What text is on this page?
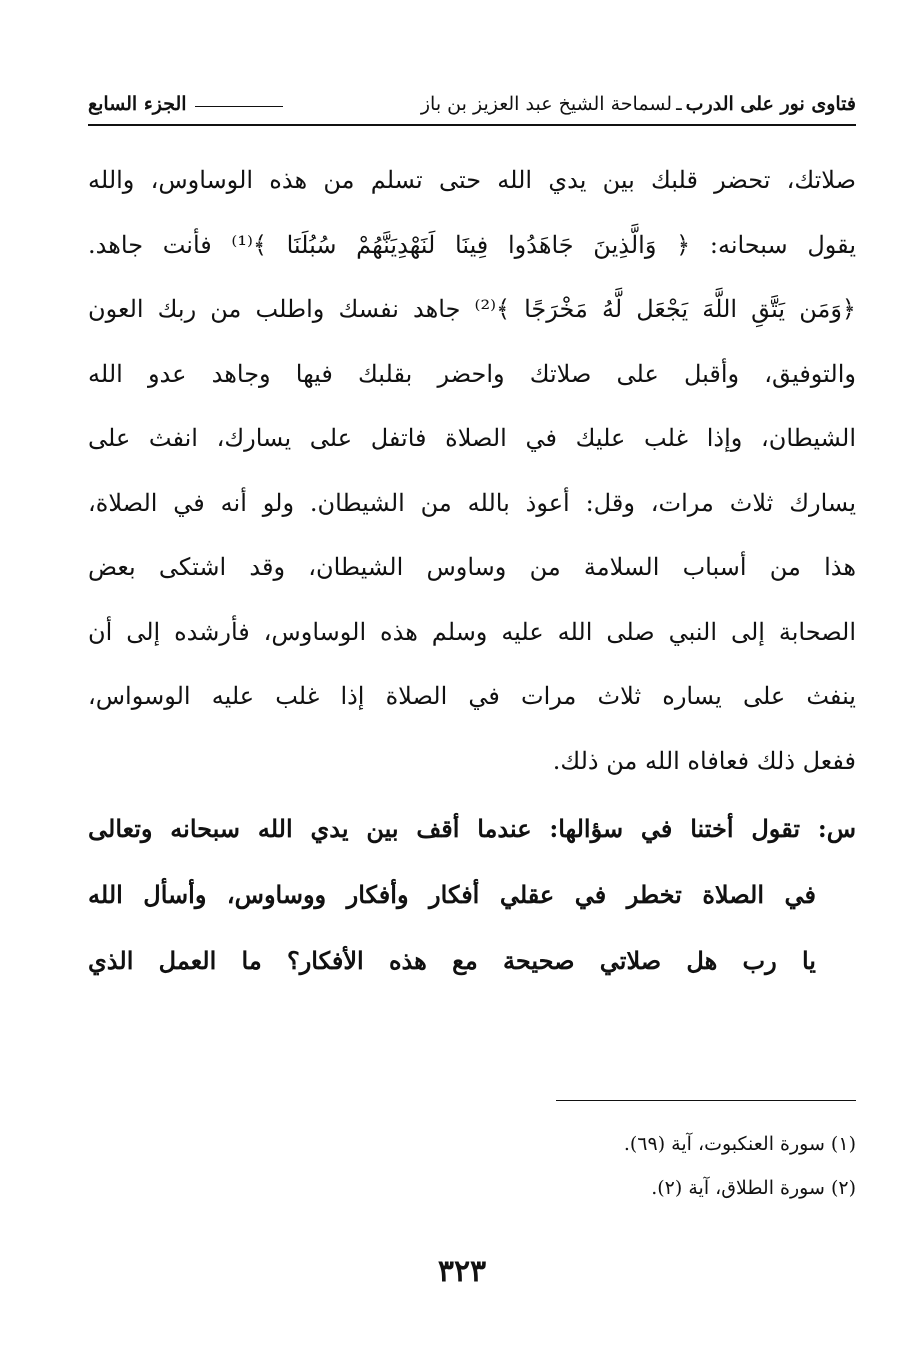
فتاوى نور على الدرب
ـ
لسماحة الشيخ عبد العزيز بن باز
الجزء السابع
صلاتك، تحضر قلبك بين يدي الله حتى تسلم من هذه الوساوس، والله
يقول سبحانه: ﴿ وَالَّذِينَ جَاهَدُوا فِينَا لَنَهْدِيَنَّهُمْ سُبُلَنَا ﴾⁽¹⁾ فأنت جاهد.
﴿وَمَن يَتَّقِ اللَّهَ يَجْعَل لَّهُ مَخْرَجًا ﴾⁽²⁾ جاهد نفسك واطلب من ربك العون
والتوفيق، وأقبل على صلاتك واحضر بقلبك فيها وجاهد عدو الله
الشيطان، وإذا غلب عليك في الصلاة فاتفل على يسارك، انفث على
يسارك ثلاث مرات، وقل: أعوذ بالله من الشيطان. ولو أنه في الصلاة،
هذا من أسباب السلامة من وساوس الشيطان، وقد اشتكى بعض
الصحابة إلى النبي صلى الله عليه وسلم هذه الوساوس، فأرشده إلى أن
ينفث على يساره ثلاث مرات في الصلاة إذا غلب عليه الوسواس،
ففعل ذلك فعافاه الله من ذلك.
س: تقول أختنا في سؤالها: عندما أقف بين يدي الله سبحانه وتعالى
في الصلاة تخطر في عقلي أفكار وأفكار ووساوس، وأسأل الله
يا رب هل صلاتي صحيحة مع هذه الأفكار؟ ما العمل الذي
(١) سورة العنكبوت، آية (٦٩).
(٢) سورة الطلاق، آية (٢).
٣٢٣
